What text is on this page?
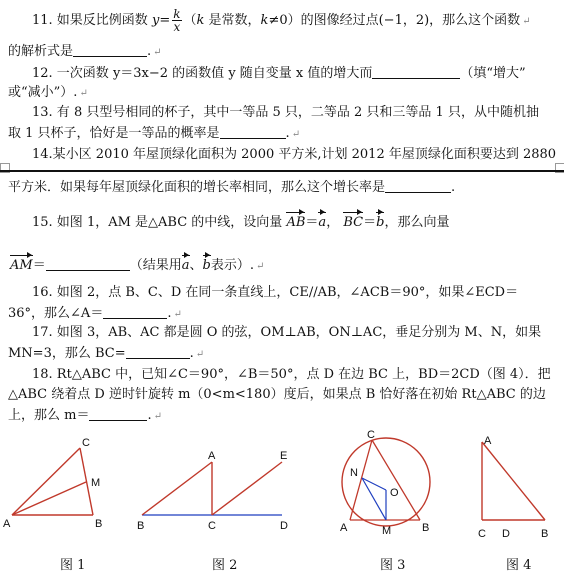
11. 如果反比例函数 $y= \frac{k}{x} (k$ 是常数，k≠0）的图像经过点(−1，2)，那么这个函数 ↵
的解析式是	. ↵
12. 一次函数 y＝3x−2 的函数值 y 随自变量 x 值的增大而	（填“增大”
或“减小”）. ↵
13. 有 8 只型号相同的杯子，其中一等品 5 只，二等品 2 只和三等品 1 只，从中随机抽
取 1 只杯子，恰好是一等品的概率是	. ↵
14.某小区 2010 年屋顶绿化面积为 2000 平方米,计划 2012 年屋顶绿化面积要达到 2880
平方米．如果每年屋顶绿化面积的增长率相同，那么这个增长率是	.
15. 如图 1，AM 是△ABC 的中线，设向量 AB＝a， BC＝b，那么向量
AM＝	（结果用a、b表示）. ↵
16. 如图 2，点 B、C、D 在同一条直线上，CE//AB，∠ACB＝90°，如果∠ECD＝
36°，那么∠A＝	. ↵
17. 如图 3，AB、AC 都是圆 O 的弦，OM⊥AB，ON⊥AC，垂足分别为 M、N，如果
MN=3，那么 BC=	. ↵
18. Rt△ABC 中，已知∠C＝90°，∠B＝50°，点 D 在边 BC 上，BD＝2CD（图 4）．把
△ABC 绕着点 D 逆时针旋转 m（0<m<180）度后，如果点 B 恰好落在初始 Rt△ABC 的边
上，那么 m＝	. ↵
A	B
C
M
B	C	D
A	E
A	B
C
M
N
O
A
C D	B
图 1	图 2	图 3	图 4
